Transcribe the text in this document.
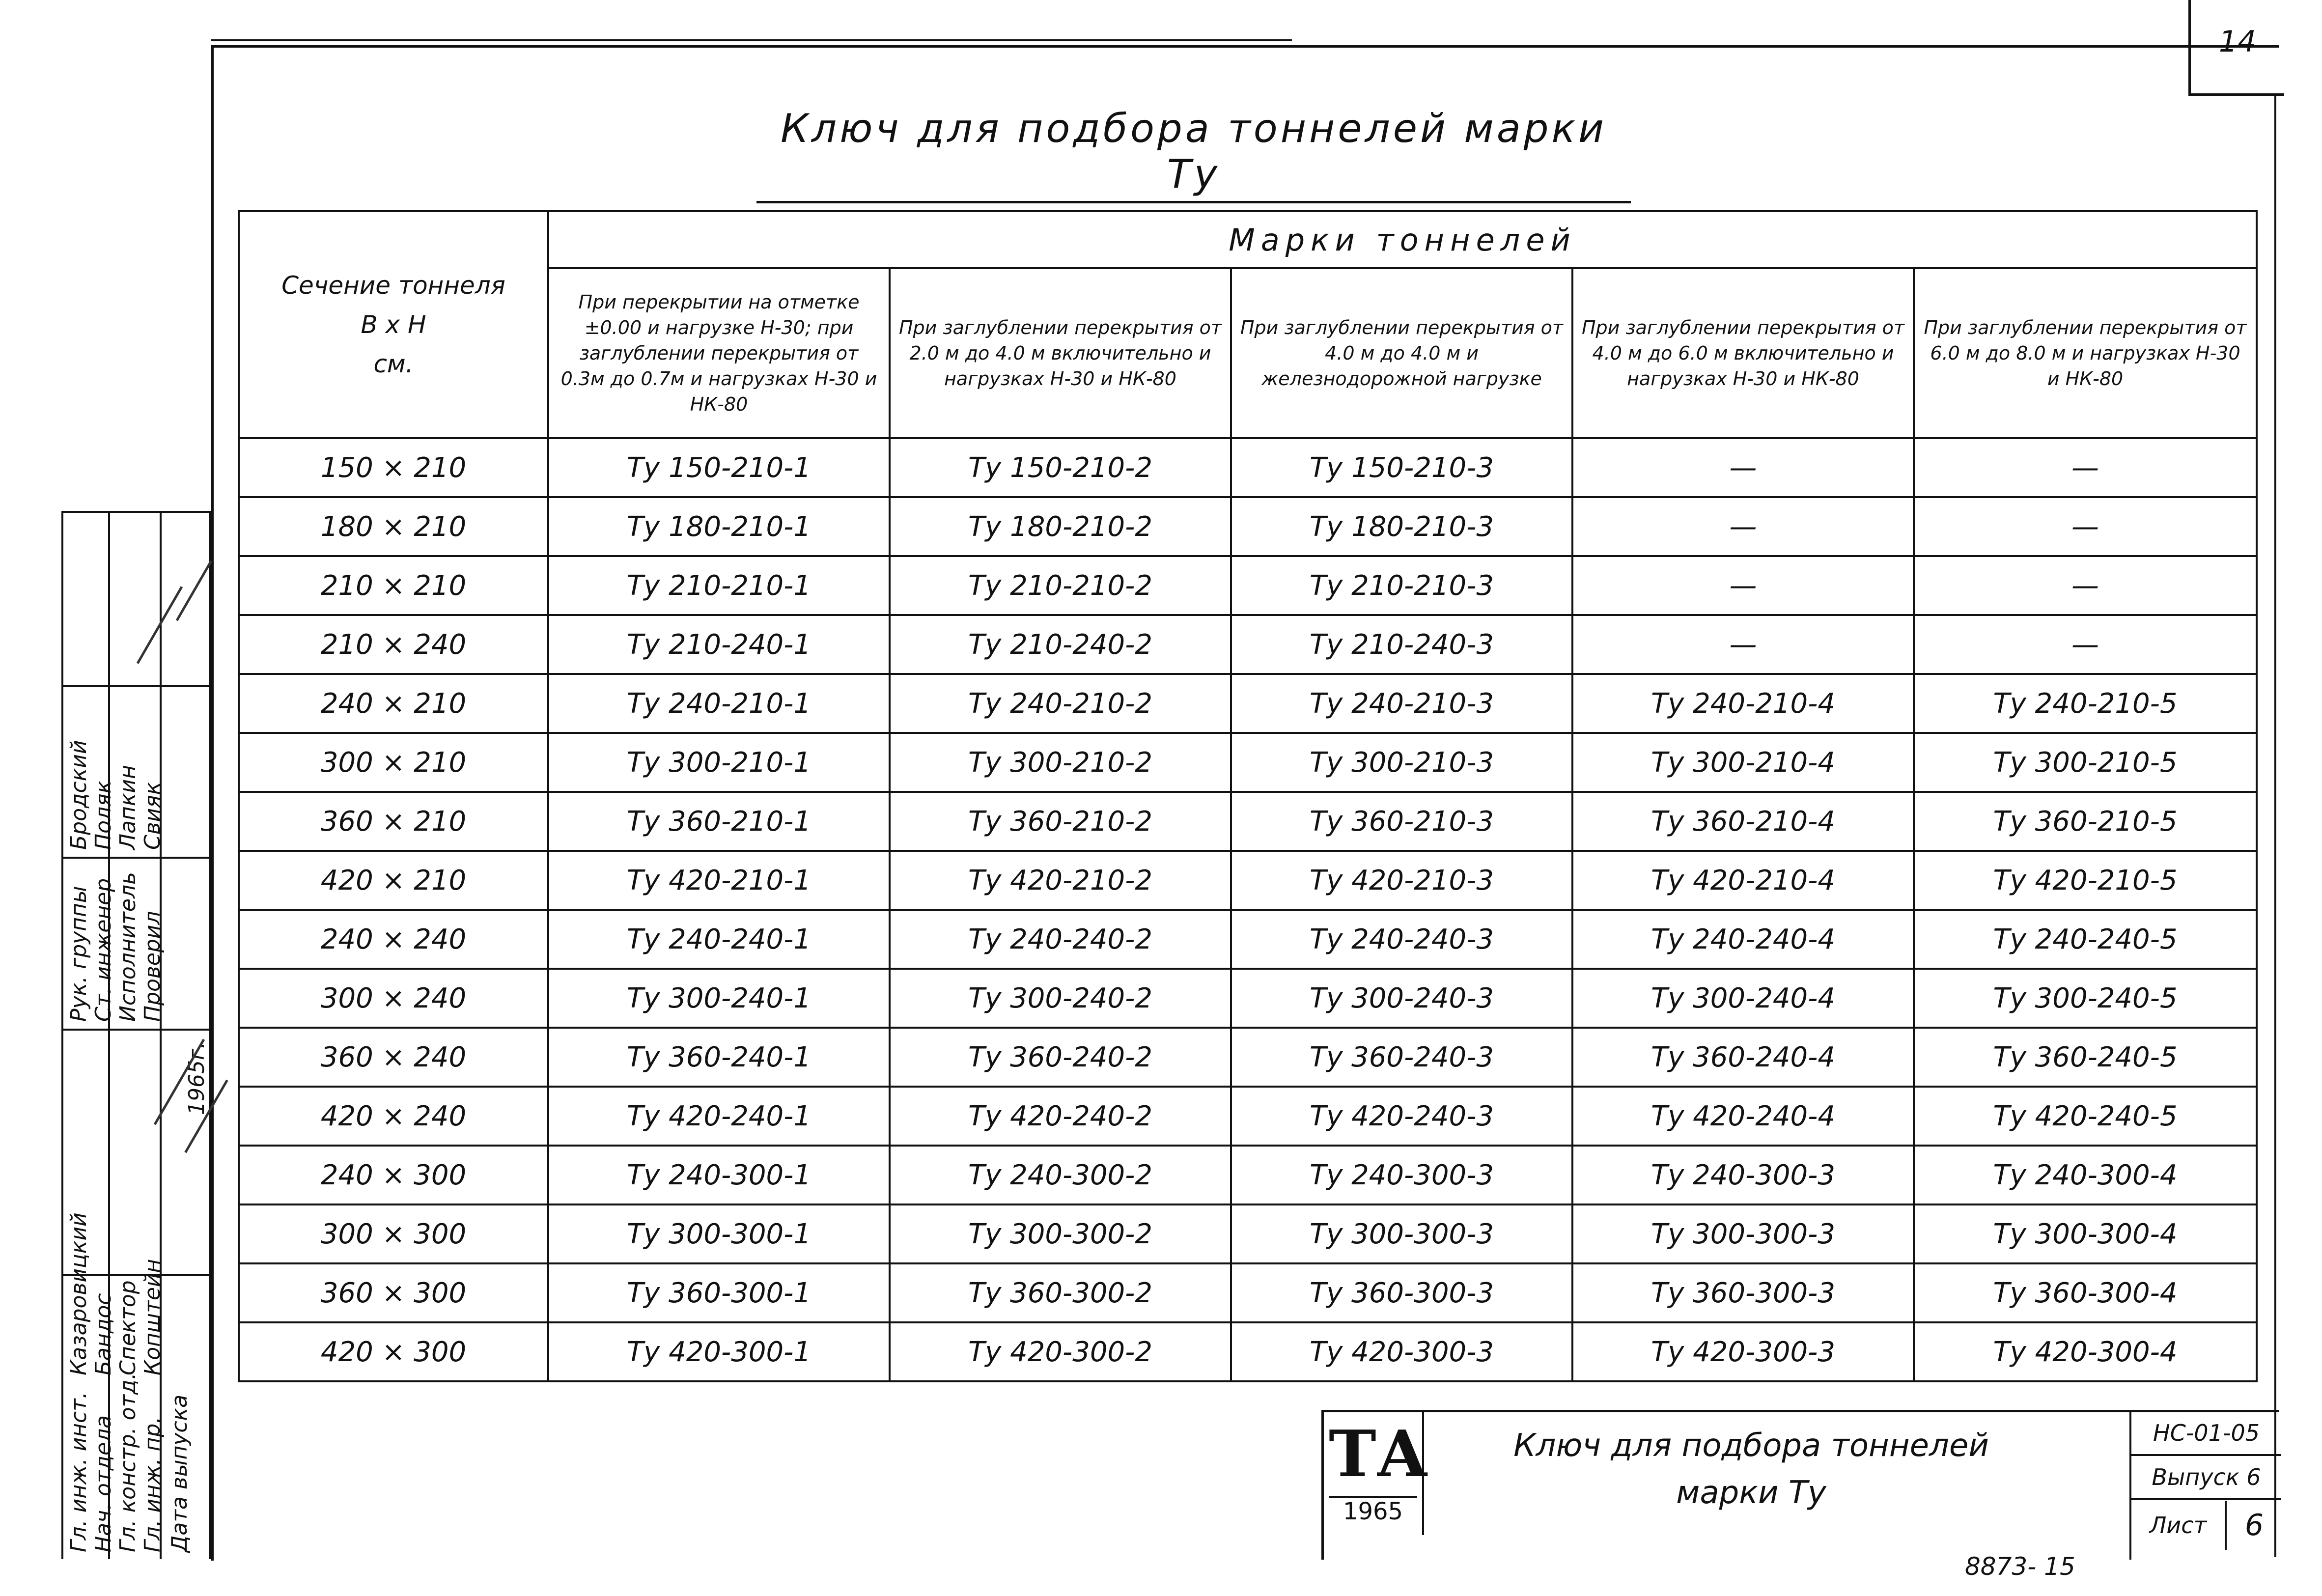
14
Ключ для подбора тоннелей марки Ту
Сечение тоннеля
В х Н
см.	Марки тоннелей				
	При перекрытии на отметке ±0.00 и нагрузке Н-30; при заглублении перекрытия от 0.3м до 0.7м и нагрузках Н-30 и НК-80	При заглублении перекрытия от 2.0 м до 4.0 м включительно и нагрузках Н-30 и НК-80	При заглублении перекрытия от 4.0 м до 4.0 м и железнодорожной нагрузке	При заглублении перекрытия от 4.0 м до 6.0 м включительно и нагрузках Н-30 и НК-80	При заглублении перекрытия от 6.0 м до 8.0 м и нагрузках Н-30 и НК-80
150 × 210	Ту 150-210-1	Ту 150-210-2	Ту 150-210-3	—	—
180 × 210	Ту 180-210-1	Ту 180-210-2	Ту 180-210-3	—	—
210 × 210	Ту 210-210-1	Ту 210-210-2	Ту 210-210-3	—	—
210 × 240	Ту 210-240-1	Ту 210-240-2	Ту 210-240-3	—	—
240 × 210	Ту 240-210-1	Ту 240-210-2	Ту 240-210-3	Ту 240-210-4	Ту 240-210-5
300 × 210	Ту 300-210-1	Ту 300-210-2	Ту 300-210-3	Ту 300-210-4	Ту 300-210-5
360 × 210	Ту 360-210-1	Ту 360-210-2	Ту 360-210-3	Ту 360-210-4	Ту 360-210-5
420 × 210	Ту 420-210-1	Ту 420-210-2	Ту 420-210-3	Ту 420-210-4	Ту 420-210-5
240 × 240	Ту 240-240-1	Ту 240-240-2	Ту 240-240-3	Ту 240-240-4	Ту 240-240-5
300 × 240	Ту 300-240-1	Ту 300-240-2	Ту 300-240-3	Ту 300-240-4	Ту 300-240-5
360 × 240	Ту 360-240-1	Ту 360-240-2	Ту 360-240-3	Ту 360-240-4	Ту 360-240-5
420 × 240	Ту 420-240-1	Ту 420-240-2	Ту 420-240-3	Ту 420-240-4	Ту 420-240-5
240 × 300	Ту 240-300-1	Ту 240-300-2	Ту 240-300-3	Ту 240-300-3	Ту 240-300-4
300 × 300	Ту 300-300-1	Ту 300-300-2	Ту 300-300-3	Ту 300-300-3	Ту 300-300-4
360 × 300	Ту 360-300-1	Ту 360-300-2	Ту 360-300-3	Ту 360-300-3	Ту 360-300-4
420 × 300	Ту 420-300-1	Ту 420-300-2	Ту 420-300-3	Ту 420-300-3	Ту 420-300-4
ТА
1965
Ключ для подбора тоннелей
марки Ту
НС-01-05
Выпуск 6
Лист	6
Рук. группы Ст. инженер Исполнитель Проверил
Бродский Поляк Лапкин Свияк
Гл. инж. инст. Нач. отдела Гл. констр. отд. Гл. инж. пр.
Казаровицкий Бандос Спектор Копштейн
Дата выпуска
1965г.
8873- 15
